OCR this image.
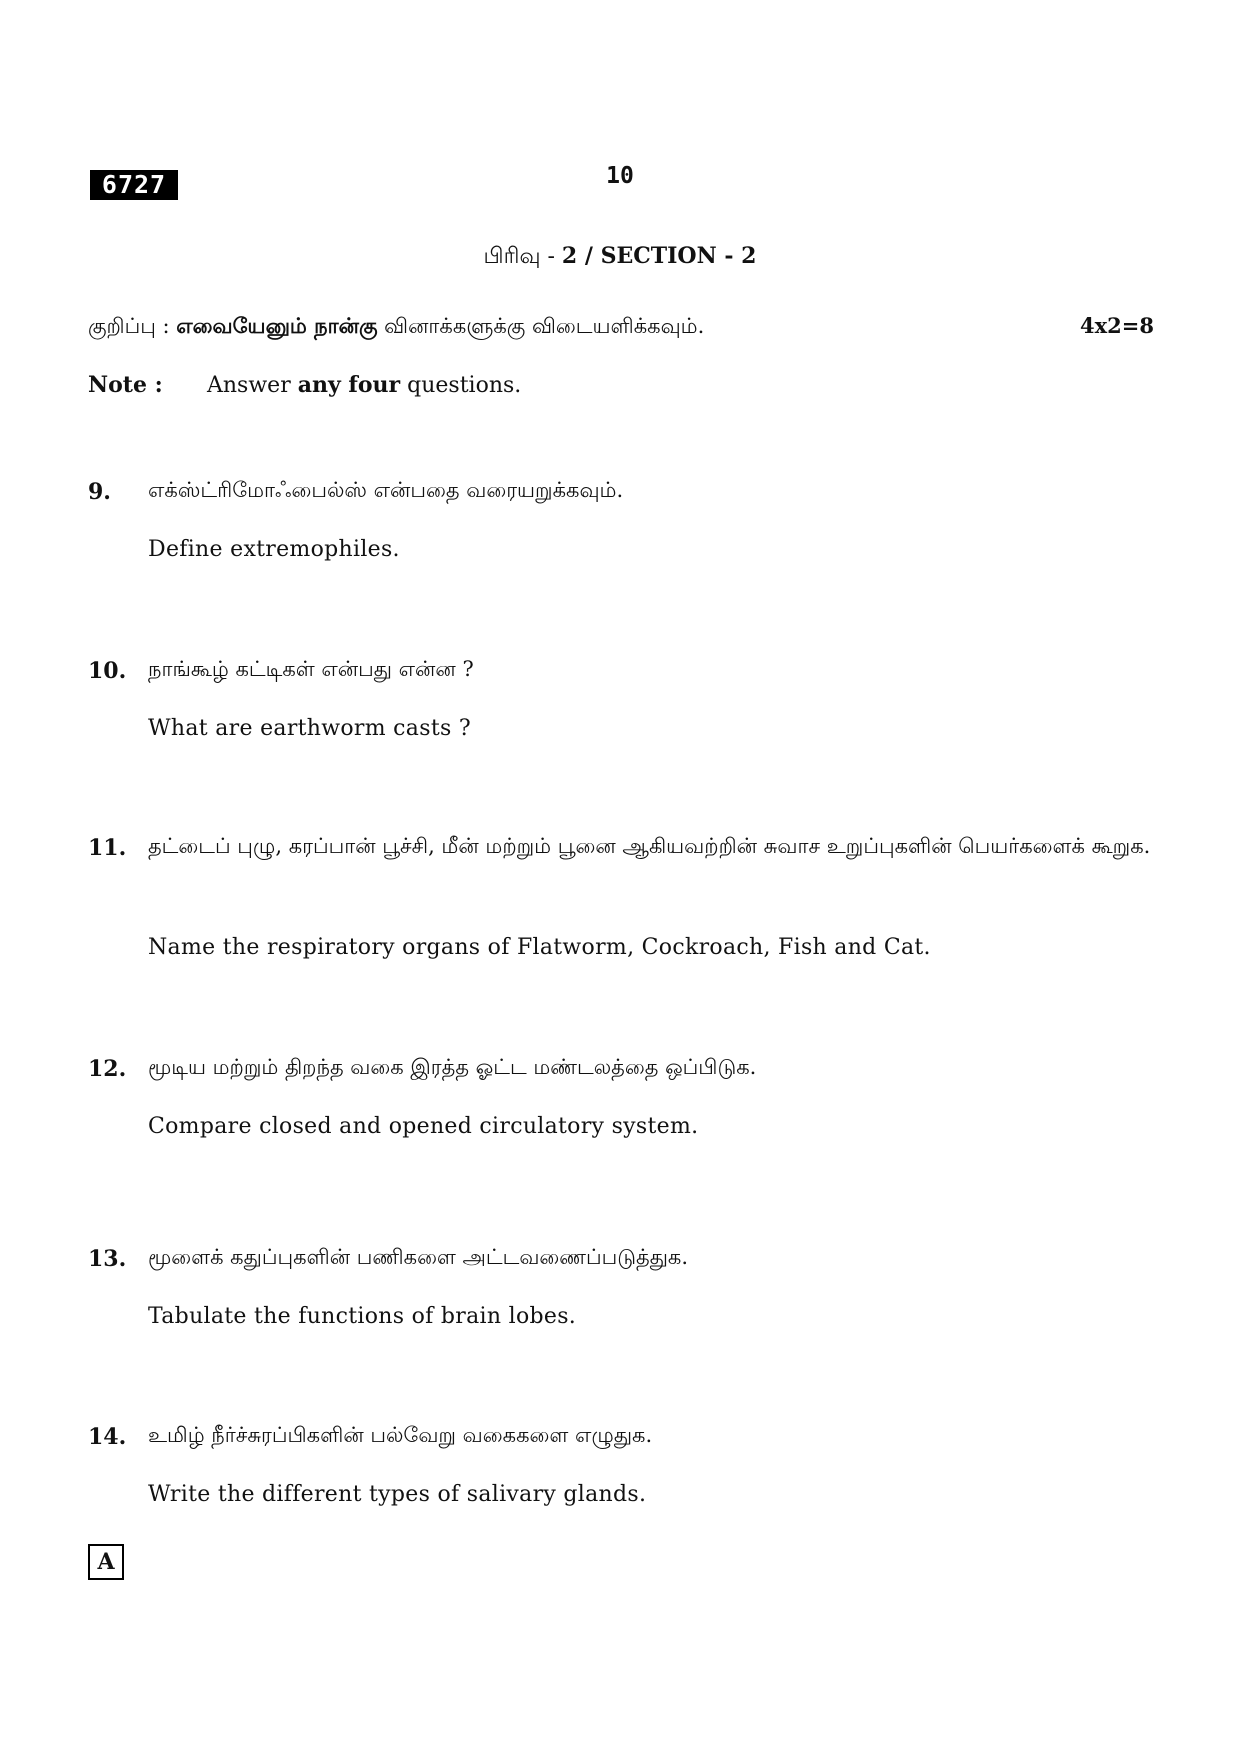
6727	10
பிரிவு - 2 / SECTION - 2
குறிப்பு : எவையேனும் நான்கு வினாக்களுக்கு விடையளிக்கவும்.	4x2=8
Note : Answer any four questions.
9. எக்ஸ்ட்ரிமோஃபைல்ஸ் என்பதை வரையறுக்கவும்.
Define extremophiles.
10. நாங்கூழ் கட்டிகள் என்பது என்ன ?
What are earthworm casts ?
11. தட்டைப் புழு, கரப்பான் பூச்சி, மீன் மற்றும் பூனை ஆகியவற்றின் சுவாச உறுப்புகளின் பெயர்களைக் கூறுக.
Name the respiratory organs of Flatworm, Cockroach, Fish and Cat.
12. மூடிய மற்றும் திறந்த வகை இரத்த ஓட்ட மண்டலத்தை ஒப்பிடுக.
Compare closed and opened circulatory system.
13. மூளைக் கதுப்புகளின் பணிகளை அட்டவணைப்படுத்துக.
Tabulate the functions of brain lobes.
14. உமிழ் நீர்ச்சுரப்பிகளின் பல்வேறு வகைகளை எழுதுக.
Write the different types of salivary glands.
A
